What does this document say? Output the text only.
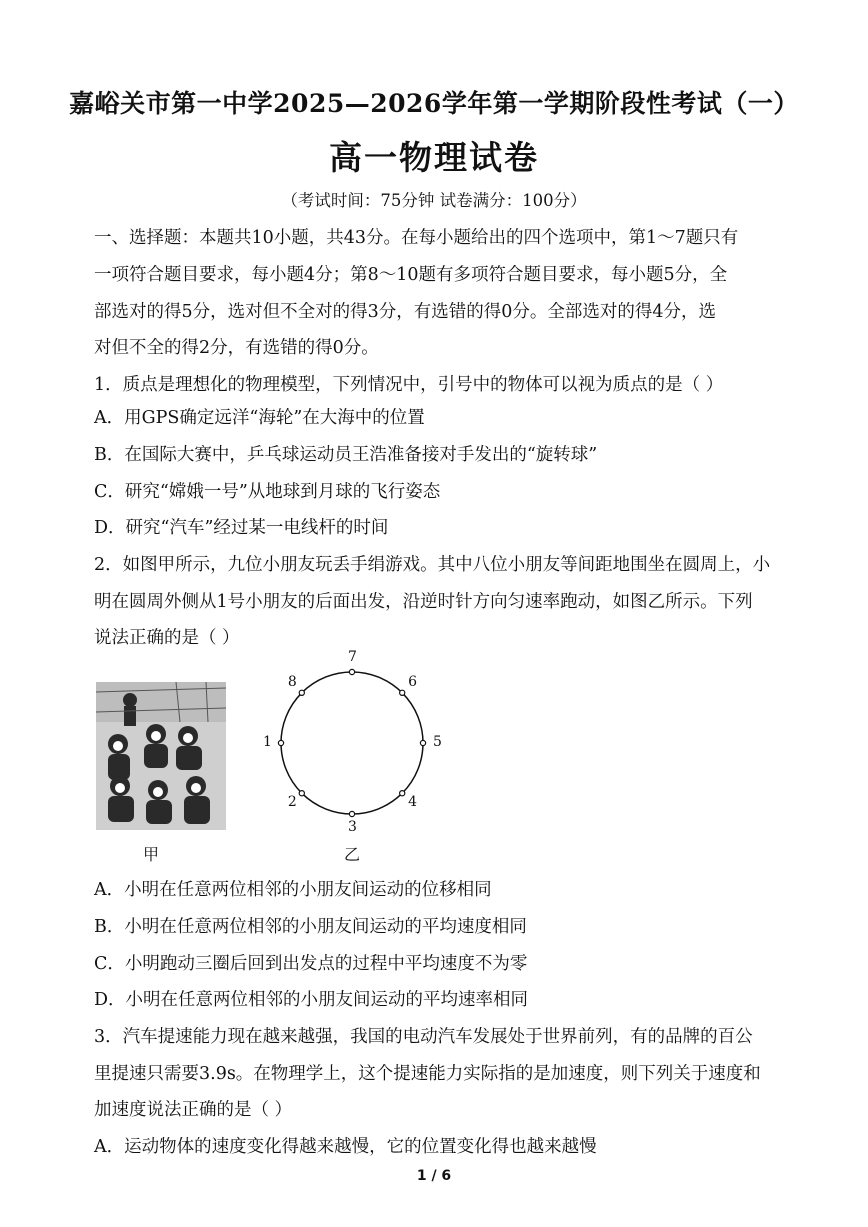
嘉峪关市第一中学2025—2026学年第一学期阶段性考试（一）
高一物理试卷
（考试时间：75分钟 试卷满分：100分）
一、选择题：本题共10小题，共43分。在每小题给出的四个选项中，第1～7题只有
一项符合题目要求，每小题4分；第8～10题有多项符合题目要求，每小题5分，全
部选对的得5分，选对但不全对的得3分，有选错的得0分。全部选对的得4分，选
对但不全的得2分，有选错的得0分。
1．质点是理想化的物理模型，下列情况中，引号中的物体可以视为质点的是（ ）
A．用GPS确定远洋“海轮”在大海中的位置
B．在国际大赛中，乒乓球运动员王浩准备接对手发出的“旋转球”
C．研究“嫦娥一号”从地球到月球的飞行姿态
D．研究“汽车”经过某一电线杆的时间
2．如图甲所示，九位小朋友玩丢手绢游戏。其中八位小朋友等间距地围坐在圆周上，小
明在圆周外侧从1号小朋友的后面出发，沿逆时针方向匀速率跑动，如图乙所示。下列
说法正确的是（ ）
甲
1
2
3
4
5
6
7
8
乙
A．小明在任意两位相邻的小朋友间运动的位移相同
B．小明在任意两位相邻的小朋友间运动的平均速度相同
C．小明跑动三圈后回到出发点的过程中平均速度不为零
D．小明在任意两位相邻的小朋友间运动的平均速率相同
3．汽车提速能力现在越来越强，我国的电动汽车发展处于世界前列，有的品牌的百公
里提速只需要3.9s。在物理学上，这个提速能力实际指的是加速度，则下列关于速度和
加速度说法正确的是（ ）
A．运动物体的速度变化得越来越慢，它的位置变化得也越来越慢
1 / 6
